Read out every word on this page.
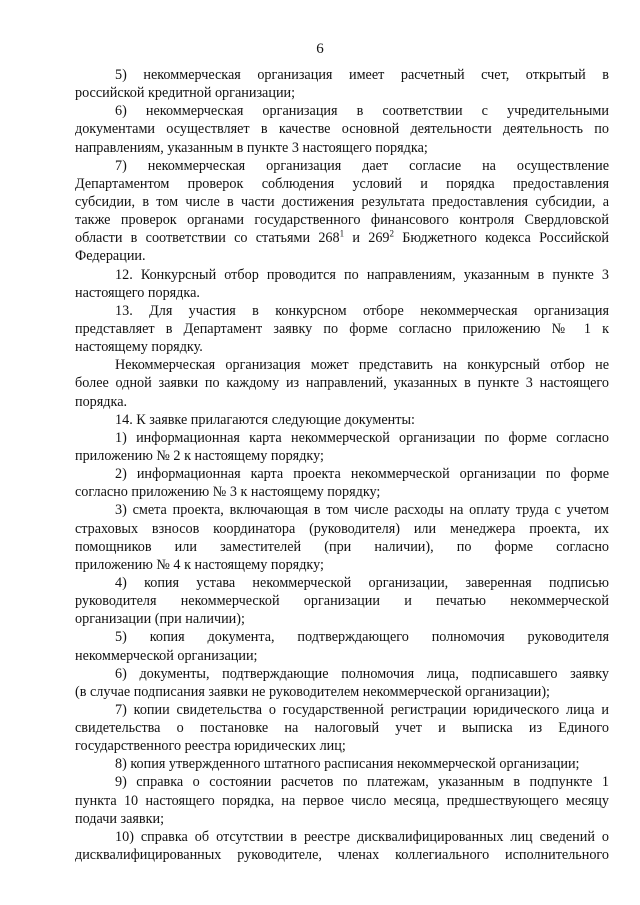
6
5) некоммерческая организация имеет расчетный счет, открытый в
российской кредитной организации;
6) некоммерческая организация в соответствии с учредительными
документами осуществляет в качестве основной деятельности деятельность по
направлениям, указанным в пункте 3 настоящего порядка;
7) некоммерческая организация дает согласие на осуществление
Департаментом проверок соблюдения условий и порядка предоставления
субсидии, в том числе в части достижения результата предоставления субсидии, а
также проверок органами государственного финансового контроля Свердловской
области в соответствии со статьями $268^1$ и $269^2$ Бюджетного кодекса Российской
Федерации.
12. Конкурсный отбор проводится по направлениям, указанным в пункте 3
настоящего порядка.
13. Для участия в конкурсном отборе некоммерческая организация
представляет в Департамент заявку по форме согласно приложению № 1 к
настоящему порядку.
Некоммерческая организация может представить на конкурсный отбор не
более одной заявки по каждому из направлений, указанных в пункте 3 настоящего
порядка.
14. К заявке прилагаются следующие документы:
1) информационная карта некоммерческой организации по форме согласно
приложению № 2 к настоящему порядку;
2) информационная карта проекта некоммерческой организации по форме
согласно приложению № 3 к настоящему порядку;
3) смета проекта, включающая в том числе расходы на оплату труда с учетом
страховых взносов координатора (руководителя) или менеджера проекта, их
помощников или заместителей (при наличии), по форме согласно
приложению № 4 к настоящему порядку;
4) копия устава некоммерческой организации, заверенная подписью
руководителя некоммерческой организации и печатью некоммерческой
организации (при наличии);
5) копия документа, подтверждающего полномочия руководителя
некоммерческой организации;
6) документы, подтверждающие полномочия лица, подписавшего заявку
(в случае подписания заявки не руководителем некоммерческой организации);
7) копии свидетельства о государственной регистрации юридического лица и
свидетельства о постановке на налоговый учет и выписка из Единого
государственного реестра юридических лиц;
8) копия утвержденного штатного расписания некоммерческой организации;
9) справка о состоянии расчетов по платежам, указанным в подпункте 1
пункта 10 настоящего порядка, на первое число месяца, предшествующего месяцу
подачи заявки;
10) справка об отсутствии в реестре дисквалифицированных лиц сведений о
дисквалифицированных руководителе, членах коллегиального исполнительного
